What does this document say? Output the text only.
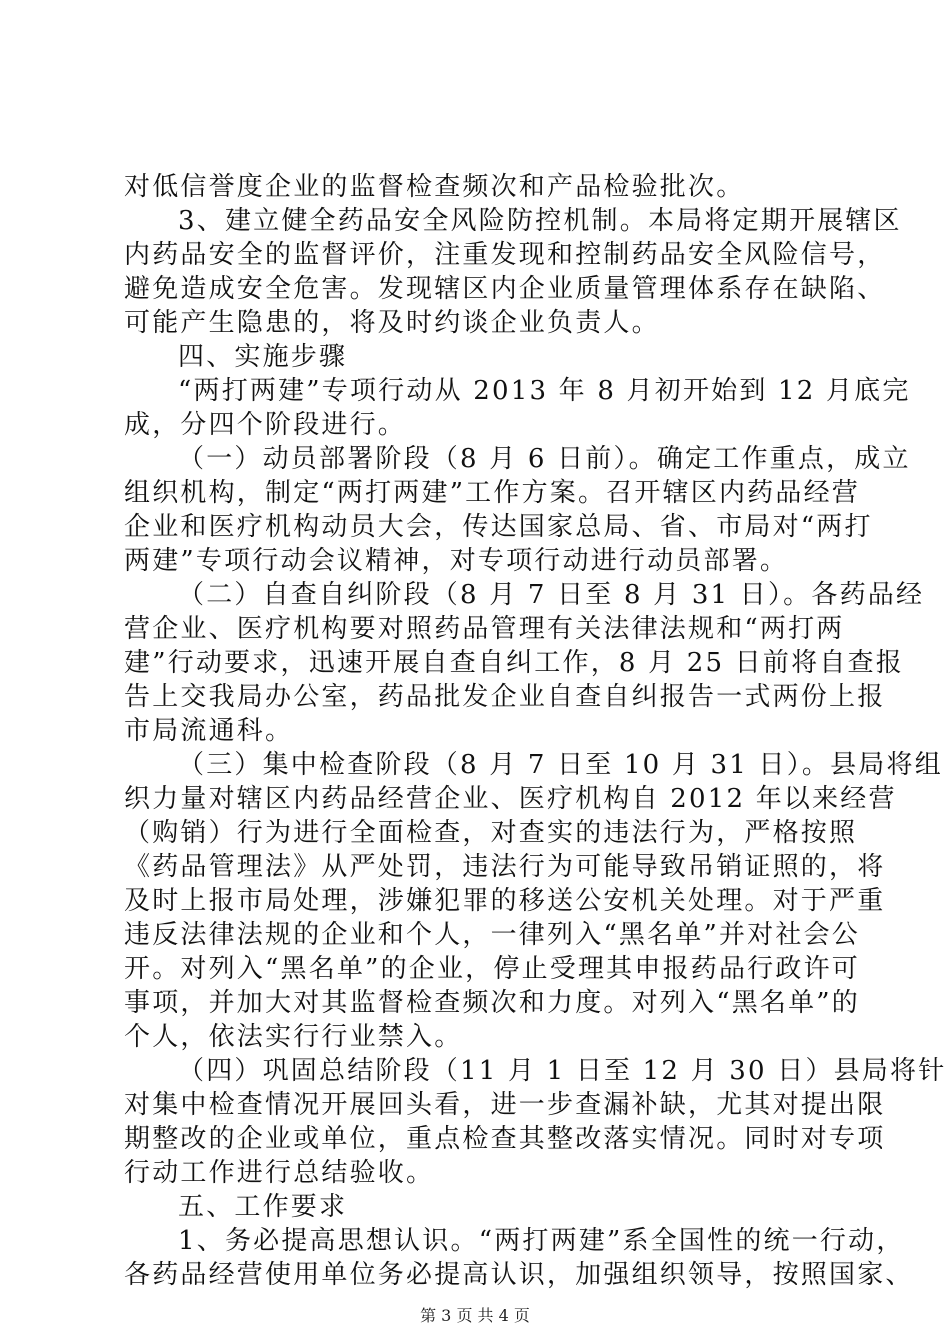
对低信誉度企业的监督检查频次和产品检验批次。
3、建立健全药品安全风险防控机制。本局将定期开展辖区
内药品安全的监督评价，注重发现和控制药品安全风险信号，
避免造成安全危害。发现辖区内企业质量管理体系存在缺陷、
可能产生隐患的，将及时约谈企业负责人。
四、实施步骤
“两打两建”专项行动从 2013 年 8 月初开始到 12 月底完
成，分四个阶段进行。
（一）动员部署阶段（8 月 6 日前）。确定工作重点，成立
组织机构，制定“两打两建”工作方案。召开辖区内药品经营
企业和医疗机构动员大会，传达国家总局、省、市局对“两打
两建”专项行动会议精神，对专项行动进行动员部署。
（二）自查自纠阶段（8 月 7 日至 8 月 31 日）。各药品经
营企业、医疗机构要对照药品管理有关法律法规和“两打两
建”行动要求，迅速开展自查自纠工作，8 月 25 日前将自查报
告上交我局办公室，药品批发企业自查自纠报告一式两份上报
市局流通科。
（三）集中检查阶段（8 月 7 日至 10 月 31 日）。县局将组
织力量对辖区内药品经营企业、医疗机构自 2012 年以来经营
（购销）行为进行全面检查，对查实的违法行为，严格按照
《药品管理法》从严处罚，违法行为可能导致吊销证照的，将
及时上报市局处理，涉嫌犯罪的移送公安机关处理。对于严重
违反法律法规的企业和个人，一律列入“黑名单”并对社会公
开。对列入“黑名单”的企业，停止受理其申报药品行政许可
事项，并加大对其监督检查频次和力度。对列入“黑名单”的
个人，依法实行行业禁入。
（四）巩固总结阶段（11 月 1 日至 12 月 30 日）县局将针
对集中检查情况开展回头看，进一步查漏补缺，尤其对提出限
期整改的企业或单位，重点检查其整改落实情况。同时对专项
行动工作进行总结验收。
五、工作要求
1、务必提高思想认识。“两打两建”系全国性的统一行动，
各药品经营使用单位务必提高认识，加强组织领导，按照国家、
第 3 页 共 4 页
